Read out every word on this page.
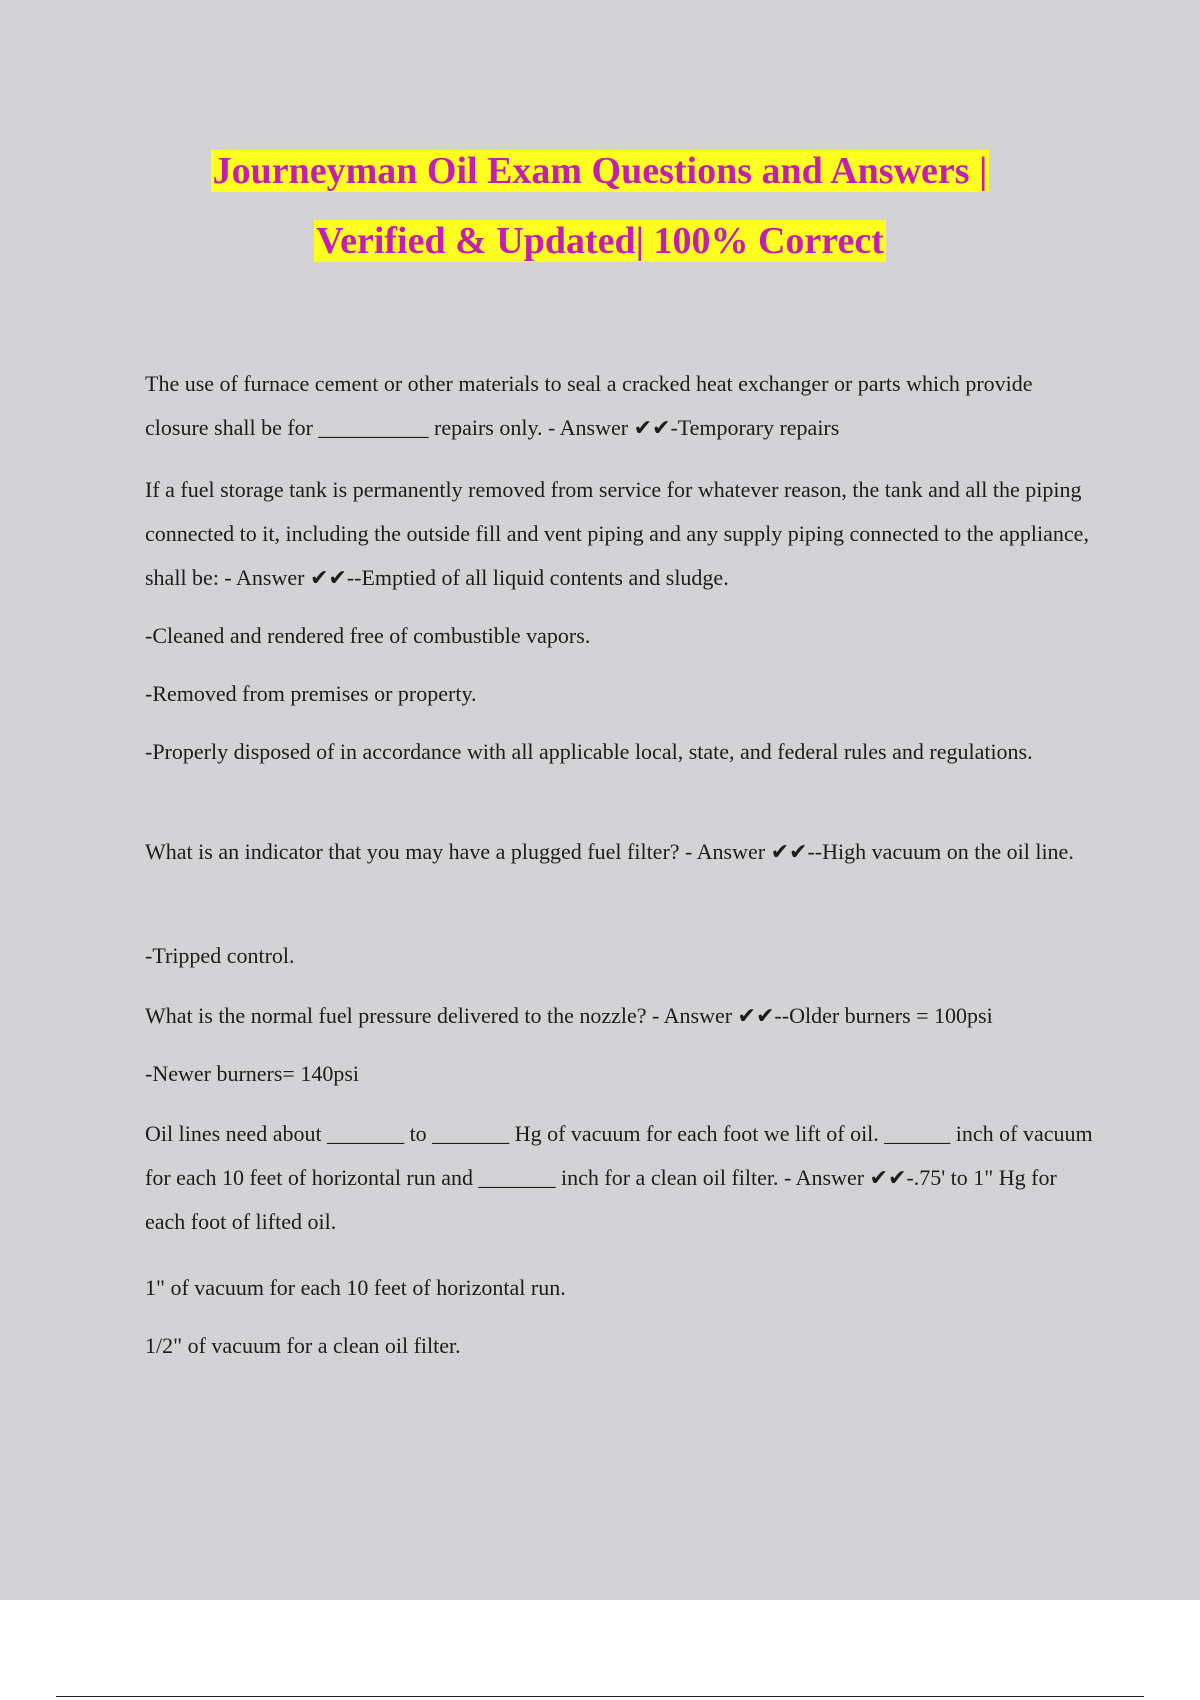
Journeyman Oil Exam Questions and Answers |
Verified & Updated| 100% Correct

The use of furnace cement or other materials to seal a cracked heat exchanger or parts which provide closure shall be for __________ repairs only. - Answer ✔✔-Temporary repairs

If a fuel storage tank is permanently removed from service for whatever reason, the tank and all the piping connected to it, including the outside fill and vent piping and any supply piping connected to the appliance, shall be: - Answer ✔✔--Emptied of all liquid contents and sludge.

-Cleaned and rendered free of combustible vapors.

-Removed from premises or property.

-Properly disposed of in accordance with all applicable local, state, and federal rules and regulations.

What is an indicator that you may have a plugged fuel filter? - Answer ✔✔--High vacuum on the oil line.

-Tripped control.

What is the normal fuel pressure delivered to the nozzle? - Answer ✔✔--Older burners = 100psi

-Newer burners= 140psi

Oil lines need about _______ to _______ Hg of vacuum for each foot we lift of oil. ______ inch of vacuum for each 10 feet of horizontal run and _______ inch for a clean oil filter. - Answer ✔✔-.75' to 1" Hg for each foot of lifted oil.

1" of vacuum for each 10 feet of horizontal run.

1/2" of vacuum for a clean oil filter.
